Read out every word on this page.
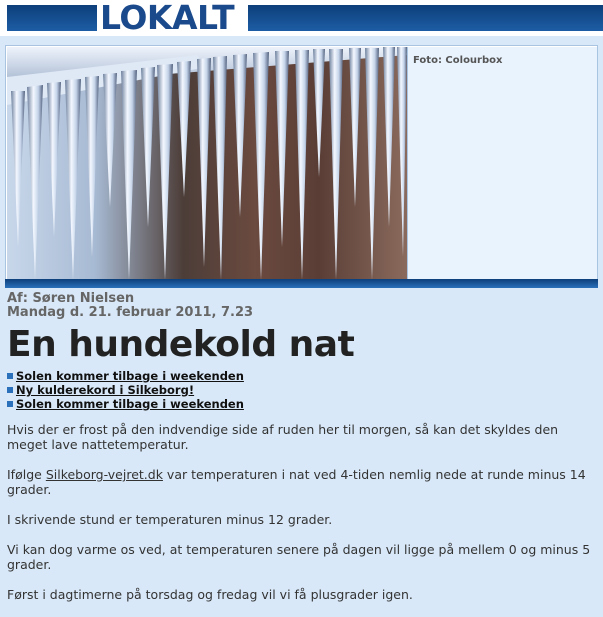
LOKALT
Foto: Colourbox
Af: Søren Nielsen
Mandag d. 21. februar 2011, 7.23
En hundekold nat
Solen kommer tilbage i weekenden
Ny kulderekord i Silkeborg!
Solen kommer tilbage i weekenden

Hvis der er frost på den indvendige side af ruden her til morgen, så kan det skyldes den meget lave nattetemperatur.

Ifølge Silkeborg-vejret.dk var temperaturen i nat ved 4-tiden nemlig nede at runde minus 14 grader.

I skrivende stund er temperaturen minus 12 grader.

Vi kan dog varme os ved, at temperaturen senere på dagen vil ligge på mellem 0 og minus 5 grader.

Først i dagtimerne på torsdag og fredag vil vi få plusgrader igen.
